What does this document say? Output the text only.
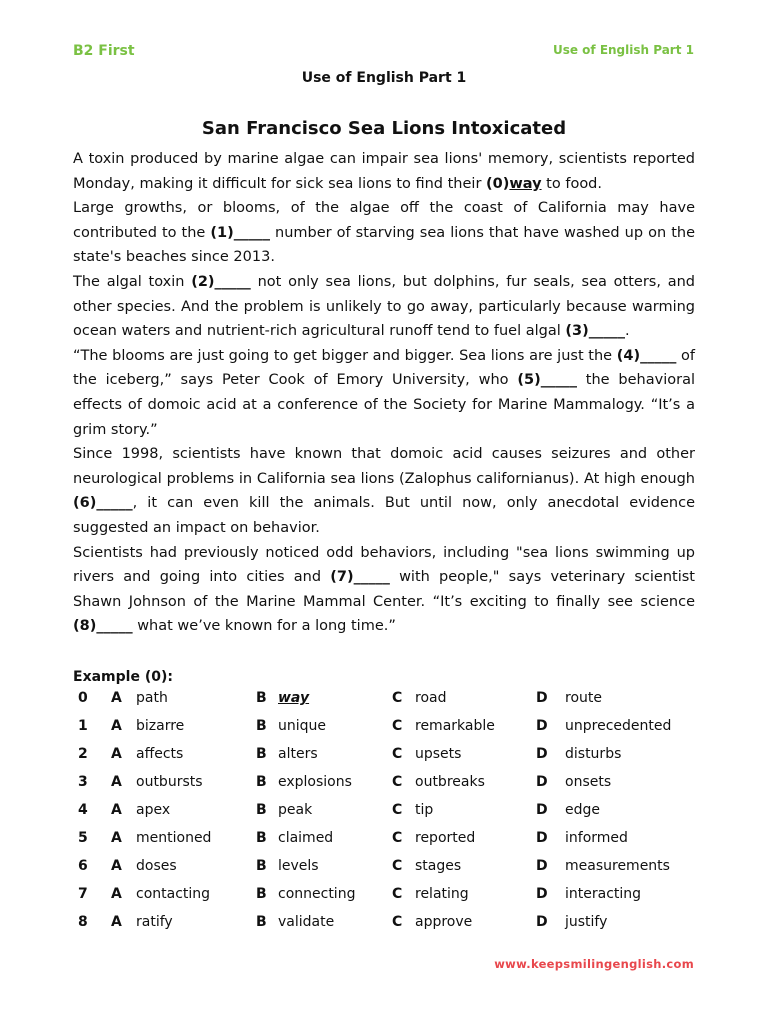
B2 First	Use of English Part 1
Use of English Part 1
San Francisco Sea Lions Intoxicated

A toxin produced by marine algae can impair sea lions' memory, scientists reported Monday, making it difficult for sick sea lions to find their (0)way to food.

Large growths, or blooms, of the algae off the coast of California may have contributed to the (1)_____ number of starving sea lions that have washed up on the state's beaches since 2013.

The algal toxin (2)_____ not only sea lions, but dolphins, fur seals, sea otters, and other species. And the problem is unlikely to go away, particularly because warming ocean waters and nutrient-rich agricultural runoff tend to fuel algal (3)_____.

“The blooms are just going to get bigger and bigger. Sea lions are just the (4)_____ of the iceberg,” says Peter Cook of Emory University, who (5)_____ the behavioral effects of domoic acid at a conference of the Society for Marine Mammalogy. “It’s a grim story.”

Since 1998, scientists have known that domoic acid causes seizures and other neurological problems in California sea lions (Zalophus californianus). At high enough (6)_____, it can even kill the animals. But until now, only anecdotal evidence suggested an impact on behavior.

Scientists had previously noticed odd behaviors, including "sea lions swimming up rivers and going into cities and (7)_____ with people," says veterinary scientist Shawn Johnson of the Marine Mammal Center. “It’s exciting to finally see science (8)_____ what we’ve known for a long time.”

Example (0):
0 A path	B way	C road	D route
1 A bizarre	B unique	C remarkable	D unprecedented
2 A affects	B alters	C upsets	D disturbs
3 A outbursts	B explosions	C outbreaks	D onsets
4 A apex	B peak	C tip	D edge
5 A mentioned	B claimed	C reported	D informed
6 A doses	B levels	C stages	D measurements
7 A contacting	B connecting	C relating	D interacting
8 A ratify	B validate	C approve	D justify
www.keepsmilingenglish.com
